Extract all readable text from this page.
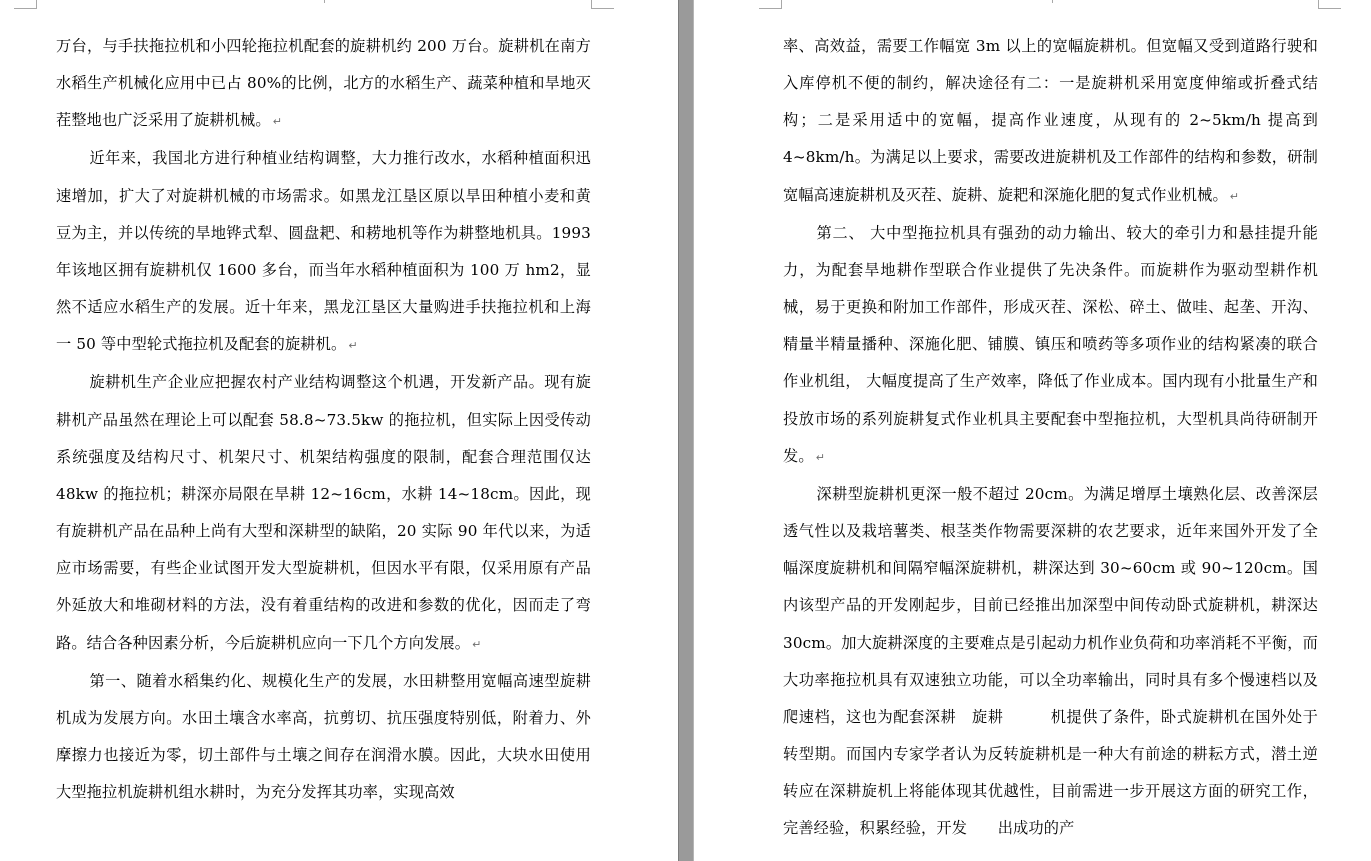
万台，与手扶拖拉机和小四轮拖拉机配套的旋耕机约 200 万台。旋耕机在南方水稻生产机械化应用中已占 80%的比例，北方的水稻生产、蔬菜种植和旱地灭茬整地也广泛采用了旋耕机械。 ↵

近年来，我国北方进行种植业结构调整，大力推行改水，水稻种植面积迅速增加，扩大了对旋耕机械的市场需求。如黑龙江垦区原以旱田种植小麦和黄豆为主，并以传统的旱地铧式犁、圆盘耙、和耢地机等作为耕整地机具。1993 年该地区拥有旋耕机仅 1600 多台，而当年水稻种植面积为 100 万 hm2，显然不适应水稻生产的发展。近十年来，黑龙江垦区大量购进手扶拖拉机和上海一 50 等中型轮式拖拉机及配套的旋耕机。 ↵

旋耕机生产企业应把握农村产业结构调整这个机遇，开发新产品。现有旋耕机产品虽然在理论上可以配套 58.8~73.5kw 的拖拉机，但实际上因受传动系统强度及结构尺寸、机架尺寸、机架结构强度的限制，配套合理范围仅达 48kw 的拖拉机；耕深亦局限在旱耕 12~16cm，水耕 14~18cm。因此，现有旋耕机产品在品种上尚有大型和深耕型的缺陷，20 实际 90 年代以来，为适应市场需要，有些企业试图开发大型旋耕机，但因水平有限，仅采用原有产品外延放大和堆砌材料的方法，没有着重结构的改进和参数的优化，因而走了弯路。结合各种因素分析，今后旋耕机应向一下几个方向发展。 ↵

第一、随着水稻集约化、规模化生产的发展，水田耕整用宽幅高速型旋耕机成为发展方向。水田土壤含水率高，抗剪切、抗压强度特别低，附着力、外摩擦力也接近为零，切土部件与土壤之间存在润滑水膜。因此，大块水田使用大型拖拉机旋耕机组水耕时，为充分发挥其功率，实现高效

率、高效益，需要工作幅宽 3m 以上的宽幅旋耕机。但宽幅又受到道路行驶和入库停机不便的制约，解决途径有二：一是旋耕机采用宽度伸缩或折叠式结构；二是采用适中的宽幅，提高作业速度，从现有的 2~5km/h 提高到 4~8km/h。为满足以上要求，需要改进旋耕机及工作部件的结构和参数，研制宽幅高速旋耕机及灭茬、旋耕、旋耙和深施化肥的复式作业机械。 ↵

第二、 大中型拖拉机具有强劲的动力输出、较大的牵引力和悬挂提升能力，为配套旱地耕作型联合作业提供了先决条件。而旋耕作为驱动型耕作机械，易于更换和附加工作部件，形成灭茬、深松、碎土、做哇、起垄、开沟、精量半精量播种、深施化肥、铺膜、镇压和喷药等多项作业的结构紧凑的联合作业机组， 大幅度提高了生产效率，降低了作业成本。国内现有小批量生产和投放市场的系列旋耕复式作业机具主要配套中型拖拉机，大型机具尚待研制开发。 ↵

深耕型旋耕机更深一般不超过 20cm。为满足增厚土壤熟化层、改善深层透气性以及栽培薯类、根茎类作物需要深耕的农艺要求，近年来国外开发了全幅深度旋耕机和间隔窄幅深旋耕机，耕深达到 30~60cm 或 90~120cm。国内该型产品的开发刚起步，目前已经推出加深型中间传动卧式旋耕机，耕深达 30cm。加大旋耕深度的主要难点是引起动力机作业负荷和功率消耗不平衡，而大功率拖拉机具有双速独立功能，可以全功率输出，同时具有多个慢速档以及爬速档，这也为配套深耕　旋耕　　　机提供了条件，卧式旋耕机在国外处于转型期。而国内专家学者认为反转旋耕机是一种大有前途的耕耘方式，潜土逆转应在深耕旋机上将能体现其优越性，目前需进一步开展这方面的研究工作，完善经验，积累经验，开发　　出成功的产
